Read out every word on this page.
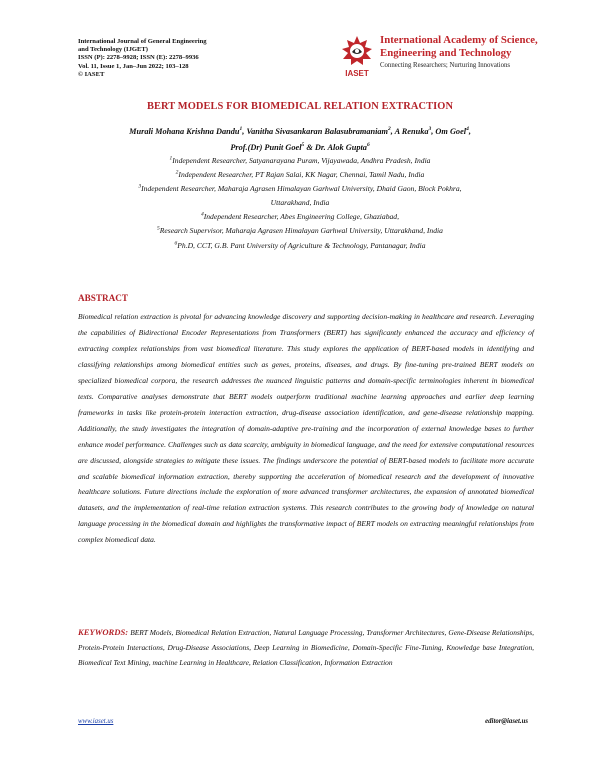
International Journal of General Engineering
and Technology (IJGET)
ISSN (P): 2278–9928; ISSN (E): 2278–9936
Vol. 11, Issue 1, Jan–Jun 2022; 103–128
© IASET	IASET
International Academy of Science,
Engineering and Technology
Connecting Researchers; Nurturing Innovations
BERT MODELS FOR BIOMEDICAL RELATION EXTRACTION
Murali Mohana Krishna Dandu$^1$, Vanitha Sivasankaran Balasubramaniam$^2$, A Renuka$^3$, Om Goel$^4$,
Prof.(Dr) Punit Goel$^5$ & Dr. Alok Gupta$^6$
$^1$Independent Researcher, Satyanarayana Puram, Vijayawada, Andhra Pradesh, India
$^2$Independent Researcher, PT Rajan Salai, KK Nagar, Chennai, Tamil Nadu, India
$^3$Independent Researcher, Maharaja Agrasen Himalayan Garhwal University, Dhaid Gaon, Block Pokhra,
Uttarakhand, India
$^4$Independent Researcher, Abes Engineering College, Ghaziabad,
$^5$Research Supervisor, Maharaja Agrasen Himalayan Garhwal University, Uttarakhand, India
$^6$Ph.D, CCT, G.B. Pant University of Agriculture & Technology, Pantanagar, India
ABSTRACT
Biomedical relation extraction is pivotal for advancing knowledge discovery and supporting decision-making in healthcare and research. Leveraging the capabilities of Bidirectional Encoder Representations from Transformers (BERT) has significantly enhanced the accuracy and efficiency of extracting complex relationships from vast biomedical literature. This study explores the application of BERT-based models in identifying and classifying relationships among biomedical entities such as genes, proteins, diseases, and drugs. By fine-tuning pre-trained BERT models on specialized biomedical corpora, the research addresses the nuanced linguistic patterns and domain-specific terminologies inherent in biomedical texts. Comparative analyses demonstrate that BERT models outperform traditional machine learning approaches and earlier deep learning frameworks in tasks like protein-protein interaction extraction, drug-disease association identification, and gene-disease relationship mapping. Additionally, the study investigates the integration of domain-adaptive pre-training and the incorporation of external knowledge bases to further enhance model performance. Challenges such as data scarcity, ambiguity in biomedical language, and the need for extensive computational resources are discussed, alongside strategies to mitigate these issues. The findings underscore the potential of BERT-based models to facilitate more accurate and scalable biomedical information extraction, thereby supporting the acceleration of biomedical research and the development of innovative healthcare solutions. Future directions include the exploration of more advanced transformer architectures, the expansion of annotated biomedical datasets, and the implementation of real-time relation extraction systems. This research contributes to the growing body of knowledge on natural language processing in the biomedical domain and highlights the transformative impact of BERT models on extracting meaningful relationships from complex biomedical data.
KEYWORDS: BERT Models, Biomedical Relation Extraction, Natural Language Processing, Transformer Architectures, Gene-Disease Relationships, Protein-Protein Interactions, Drug-Disease Associations, Deep Learning in Biomedicine, Domain-Specific Fine-Tuning, Knowledge base Integration, Biomedical Text Mining, machine Learning in Healthcare, Relation Classification, Information Extraction
www.iaset.us	editor@iaset.us
